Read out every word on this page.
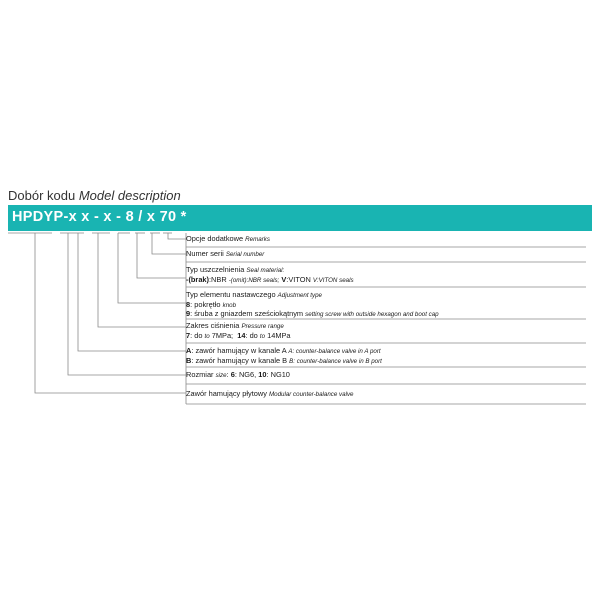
Dobór kodu Model description
HPDYP-x x - x - 8 / x 70 *
Opcje dodatkowe Remarks
Numer serii Serial number
Typ uszczelnienia Seal material:
-(brak):NBR -(omit):NBR seals; V:VITON V:VITON seals
Typ elementu nastawczego Adjustment type
8: pokrętło knob
9: śruba z gniazdem sześciokątnym setting screw with outside hexagon and boot cap
Zakres ciśnienia Pressure range
7: do to 7MPa; 14: do to 14MPa
A: zawór hamujący w kanale A A: counter-balance valve in A port
B: zawór hamujący w kanale B B: counter-balance valve in B port
Rozmiar size: 6: NG6, 10: NG10
Zawór hamujący płytowy Modular counter-balance valve
